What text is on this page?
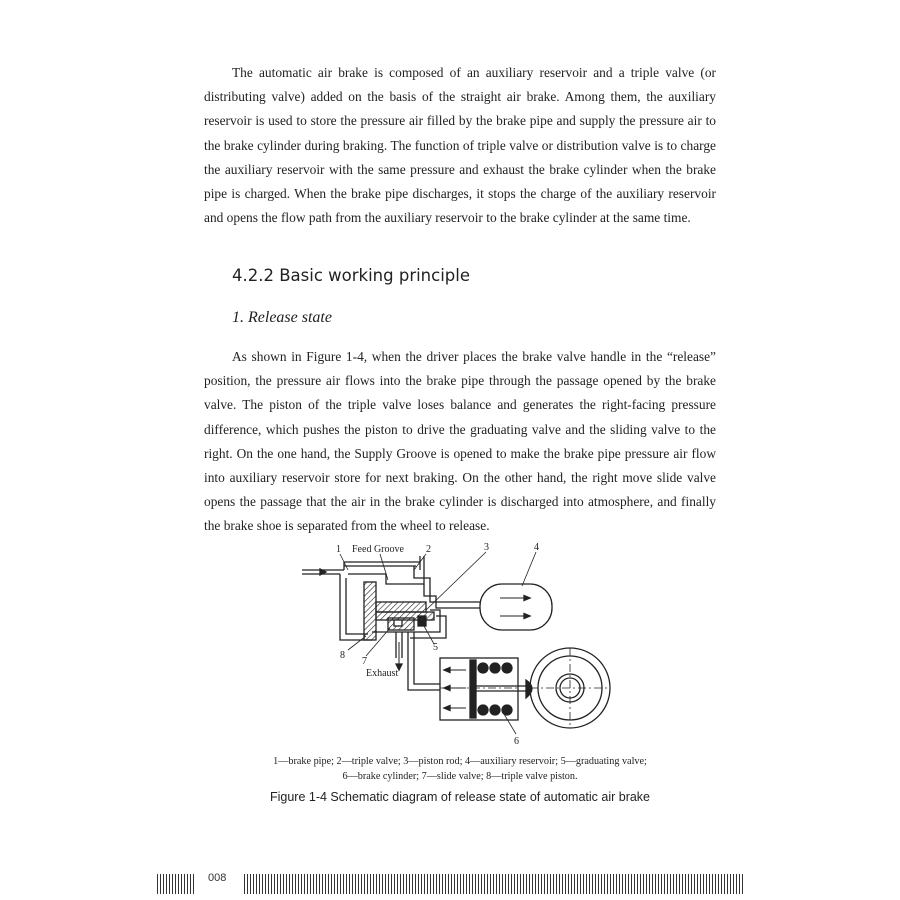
The automatic air brake is composed of an auxiliary reservoir and a triple valve (or distributing valve) added on the basis of the straight air brake. Among them, the auxiliary reservoir is used to store the pressure air filled by the brake pipe and supply the pressure air to the brake cylinder during braking. The function of triple valve or distribution valve is to charge the auxiliary reservoir with the same pressure and exhaust the brake cylinder when the brake pipe is charged. When the brake pipe discharges, it stops the charge of the auxiliary reservoir and opens the flow path from the auxiliary reservoir to the brake cylinder at the same time.

4.2.2 Basic working principle
1. Release state

As shown in Figure 1-4, when the driver places the brake valve handle in the “release” position, the pressure air flows into the brake pipe through the passage opened by the brake valve. The piston of the triple valve loses balance and generates the right-facing pressure difference, which pushes the piston to drive the graduating valve and the sliding valve to the right. On the one hand, the Supply Groove is opened to make the brake pipe pressure air flow into auxiliary reservoir store for next braking. On the other hand, the right move slide valve opens the passage that the air in the brake cylinder is discharged into atmosphere, and finally the brake shoe is separated from the wheel to release.

1 Feed Groove 2	3	4
5
6
7
8
Exhaust

1—brake pipe; 2—triple valve; 3—piston rod; 4—auxiliary reservoir; 5—graduating valve;
6—brake cylinder; 7—slide valve; 8—triple valve piston.

Figure 1-4 Schematic diagram of release state of automatic air brake

008
